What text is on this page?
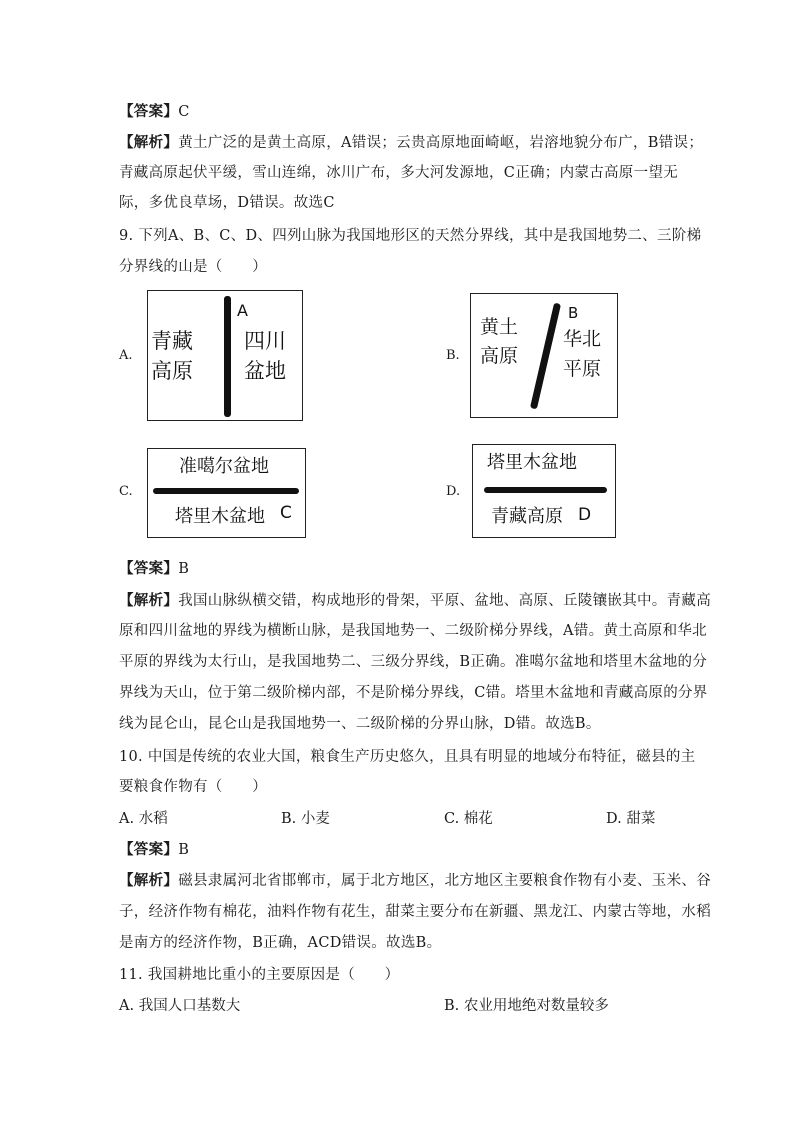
【答案】C
【解析】黄土广泛的是黄土高原，A错误；云贵高原地面崎岖，岩溶地貌分布广，B错误；
青藏高原起伏平缓，雪山连绵，冰川广布，多大河发源地，C正确；内蒙古高原一望无
际，多优良草场，D错误。故选C
9. 下列A、B、C、D、四列山脉为我国地形区的天然分界线，其中是我国地势二、三阶梯
分界线的山是（　　）
A.
A
青藏
高原
四川
盆地
B.
B
黄土
高原
华北
平原
C.
准噶尔盆地
塔里木盆地 C
D.
塔里木盆地
青藏高原 D
【答案】B
【解析】我国山脉纵横交错，构成地形的骨架，平原、盆地、高原、丘陵镶嵌其中。青藏高
原和四川盆地的界线为横断山脉，是我国地势一、二级阶梯分界线，A错。黄土高原和华北
平原的界线为太行山，是我国地势二、三级分界线，B正确。准噶尔盆地和塔里木盆地的分
界线为天山，位于第二级阶梯内部，不是阶梯分界线，C错。塔里木盆地和青藏高原的分界
线为昆仑山，昆仑山是我国地势一、二级阶梯的分界山脉，D错。故选B。
10. 中国是传统的农业大国，粮食生产历史悠久，且具有明显的地域分布特征，磁县的主
要粮食作物有（　　）
A. 水稻	B. 小麦	C. 棉花	D. 甜菜
【答案】B
【解析】磁县隶属河北省邯郸市，属于北方地区，北方地区主要粮食作物有小麦、玉米、谷
子，经济作物有棉花，油料作物有花生，甜菜主要分布在新疆、黑龙江、内蒙古等地，水稻
是南方的经济作物，B正确，ACD错误。故选B。
11. 我国耕地比重小的主要原因是（　　）
A. 我国人口基数大	B. 农业用地绝对数量较多
